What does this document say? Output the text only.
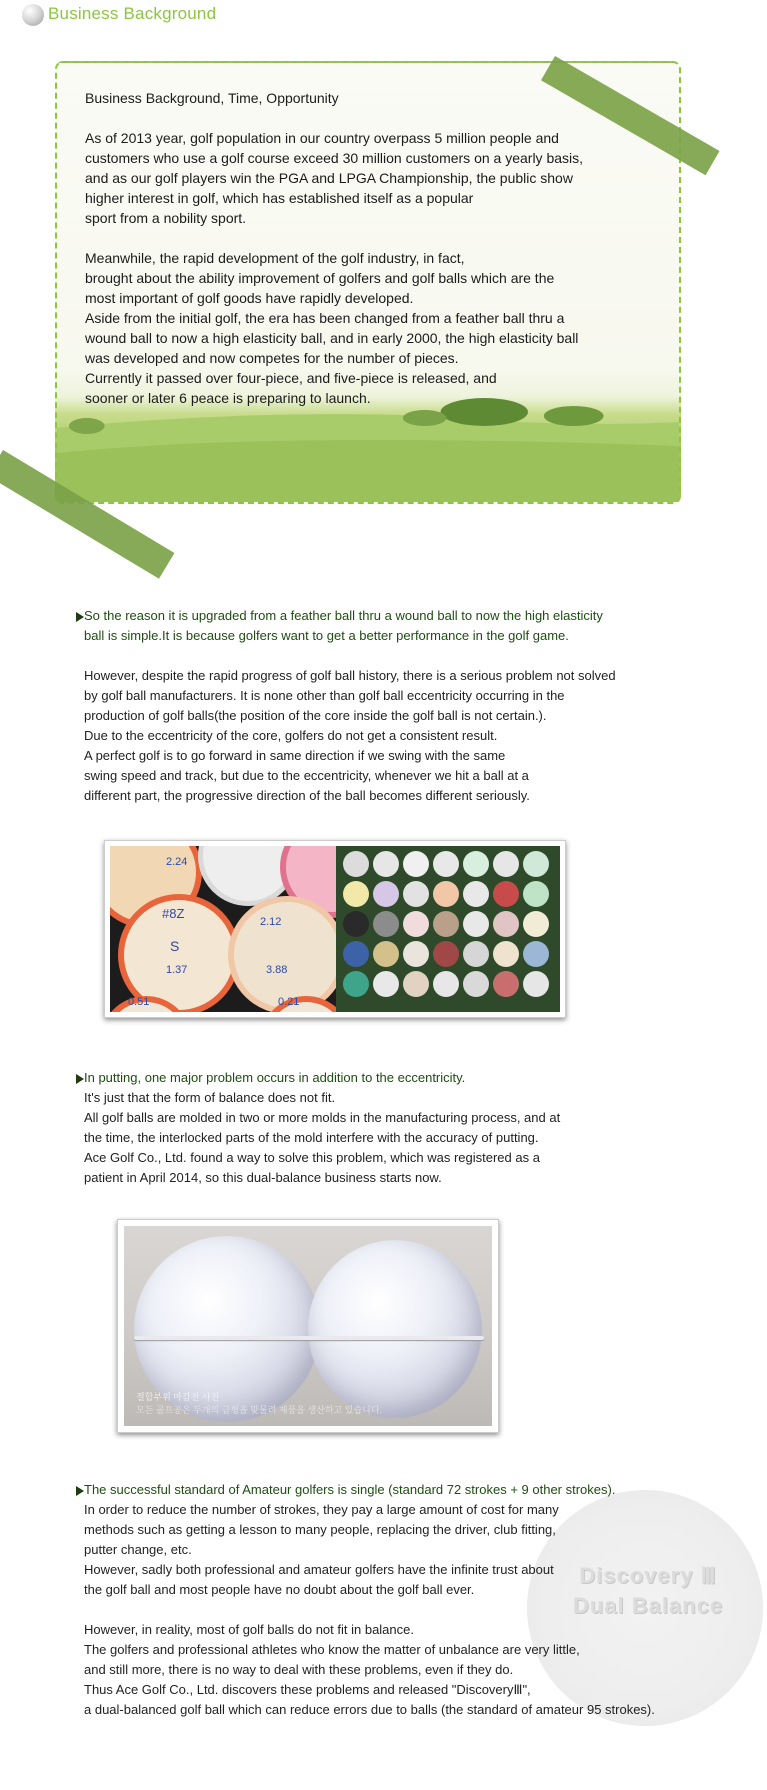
Business Background

Business Background, Time, Opportunity

As of 2013 year, golf population in our country overpass 5 million people and

customers who use a golf course exceed 30 million customers on a yearly basis,

and as our golf players win the PGA and LPGA Championship, the public show

higher interest in golf, which has established itself as a popular

sport from a nobility sport.

Meanwhile, the rapid development of the golf industry, in fact,

brought about the ability improvement of golfers and golf balls which are the

most important of golf goods have rapidly developed.

Aside from the initial golf, the era has been changed from a feather ball thru a

wound ball to now a high elasticity ball, and in early 2000, the high elasticity ball

was developed and now competes for the number of pieces.

Currently it passed over four-piece, and five-piece is released, and

sooner or later 6 peace is preparing to launch.

So the reason it is upgraded from a feather ball thru a wound ball to now the high elasticity

ball is simple.It is because golfers want to get a better performance in the golf game.

However, despite the rapid progress of golf ball history, there is a serious problem not solved

by golf ball manufacturers. It is none other than golf ball eccentricity occurring in the

production of golf balls(the position of the core inside the golf ball is not certain.).

Due to the eccentricity of the core, golfers do not get a consistent result.

A perfect golf is to go forward in same direction if we swing with the same

swing speed and track, but due to the eccentricity, whenever we hit a ball at a

different part, the progressive direction of the ball becomes different seriously.

2.24
#8Z
S
1.37
0.51
3.88
2.12
0.21

In putting, one major problem occurs in addition to the eccentricity.

It's just that the form of balance does not fit.

All golf balls are molded in two or more molds in the manufacturing process, and at

the time, the interlocked parts of the mold interfere with the accuracy of putting.

Ace Golf Co., Ltd. found a way to solve this problem, which was registered as a

patient in April 2014, so this dual-balance business starts now.

절합부위 마감전 사진
모든 골프공은 두개의 금형을 맞물려 제품을 생산하고 있습니다.
Discovery Ⅲ
Dual Balance

The successful standard of Amateur golfers is single (standard 72 strokes + 9 other strokes).

In order to reduce the number of strokes, they pay a large amount of cost for many

methods such as getting a lesson to many people, replacing the driver, club fitting,

putter change, etc.

However, sadly both professional and amateur golfers have the infinite trust about

the golf ball and most people have no doubt about the golf ball ever.

However, in reality, most of golf balls do not fit in balance.

The golfers and professional athletes who know the matter of unbalance are very little,

and still more, there is no way to deal with these problems, even if they do.

Thus Ace Golf Co., Ltd. discovers these problems and released "DiscoveryⅢ",

a dual-balanced golf ball which can reduce errors due to balls (the standard of amateur 95 strokes).
